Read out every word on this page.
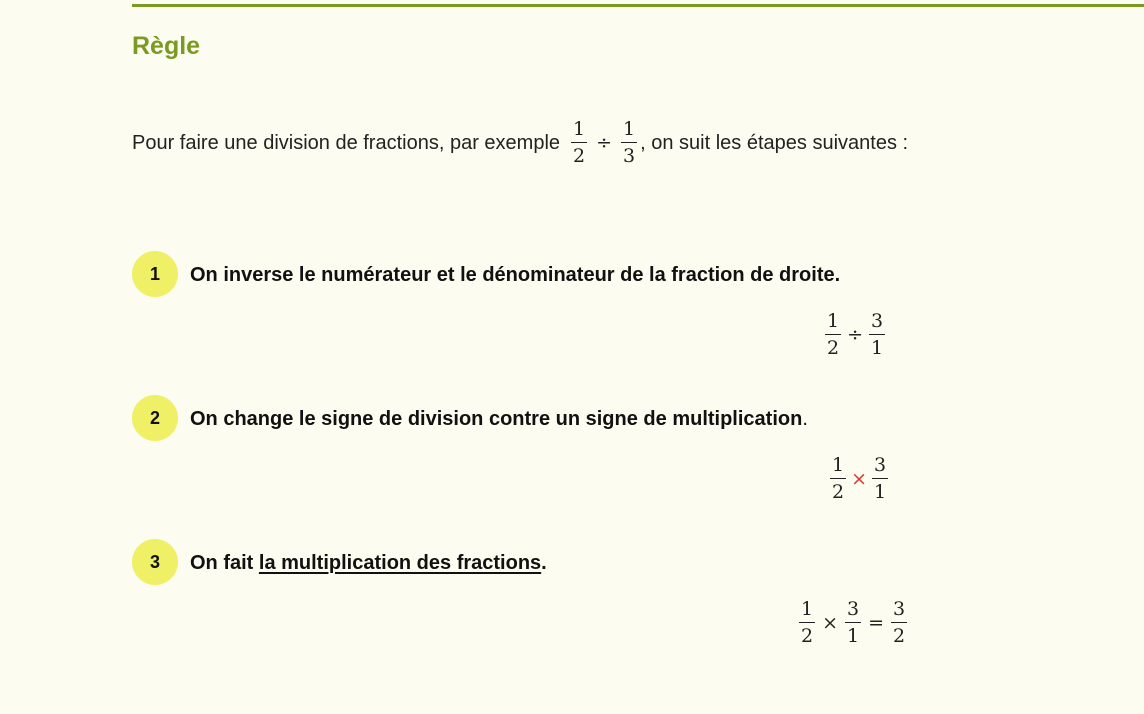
Règle
Pour faire une division de fractions, par exemple $\frac{1}{2} \div \frac{1}{3}$ , on suit les étapes suivantes :
1	On inverse le numérateur et le dénominateur de la fraction de droite.
$\frac{1}{2} \div \frac{3}{1}$
2	On change le signe de division contre un signe de multiplication.
$\frac{1}{2} \times \frac{3}{1}$
3	On fait la multiplication des fractions.
$\frac{1}{2} \times \frac{3}{1} = \frac{3}{2}$
